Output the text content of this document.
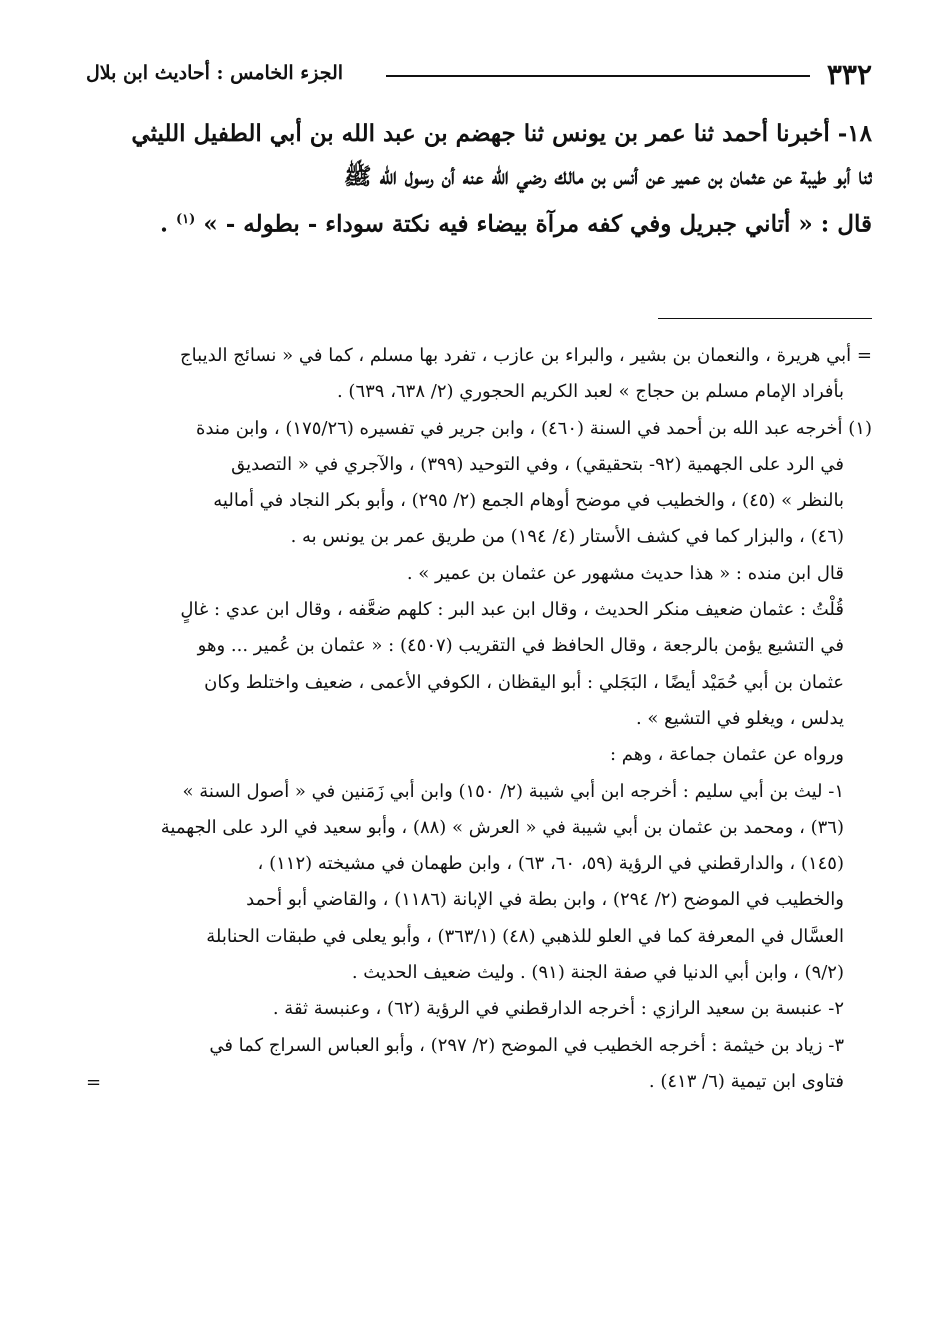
٣٣٢
الجزء الخامس : أحاديث ابن بلال
١٨- أخبرنا أحمد ثنا عمر بن يونس ثنا جهضم بن عبد الله بن أبي الطفيل الليثي
ثنا أبو طيبة عن عثمان بن عمير عن أنس بن مالك رضي الله عنه أن رسول الله ﷺ
قال : « أتاني جبريل وفي كفه مرآة بيضاء فيه نكتة سوداء - بطوله - » $^{(١)}$ .
= أبي هريرة ، والنعمان بن بشير ، والبراء بن عازب ، تفرد بها مسلم ، كما في « نسائج الديباج
بأفراد الإمام مسلم بن حجاج » لعبد الكريم الحجوري (٢/ ٦٣٨، ٦٣٩) .
(١) أخرجه عبد الله بن أحمد في السنة (٤٦٠) ، وابن جرير في تفسيره (١٧٥/٢٦) ، وابن مندة
في الرد على الجهمية (٩٢- بتحقيقي) ، وفي التوحيد (٣٩٩) ، والآجري في « التصديق
بالنظر » (٤٥) ، والخطيب في موضح أوهام الجمع (٢/ ٢٩٥) ، وأبو بكر النجاد في أماليه
(٤٦) ، والبزار كما في كشف الأستار (٤/ ١٩٤) من طريق عمر بن يونس به .
قال ابن منده : « هذا حديث مشهور عن عثمان بن عمير » .
قُلْتُ : عثمان ضعيف منكر الحديث ، وقال ابن عبد البر : كلهم ضعَّفه ، وقال ابن عدي : غالٍ
في التشيع يؤمن بالرجعة ، وقال الحافظ في التقريب (٤٥٠٧) : « عثمان بن عُمير ... وهو
عثمان بن أبي حُمَيْد أيضًا ، البَجَلي : أبو اليقظان ، الكوفي الأعمى ، ضعيف واختلط وكان
يدلس ، ويغلو في التشيع » .
ورواه عن عثمان جماعة ، وهم :
١- ليث بن أبي سليم : أخرجه ابن أبي شيبة (٢/ ١٥٠) وابن أبي زَمَنين في « أصول السنة »
(٣٦) ، ومحمد بن عثمان بن أبي شيبة في « العرش » (٨٨) ، وأبو سعيد في الرد على الجهمية
(١٤٥) ، والدارقطني في الرؤية (٥٩، ٦٠، ٦٣) ، وابن طهمان في مشيخته (١١٢) ،
والخطيب في الموضح (٢/ ٢٩٤) ، وابن بطة في الإبانة (١١٨٦) ، والقاضي أبو أحمد
العسَّال في المعرفة كما في العلو للذهبي (٤٨) (٣٦٣/١) ، وأبو يعلى في طبقات الحنابلة
(٩/٢) ، وابن أبي الدنيا في صفة الجنة (٩١) . وليث ضعيف الحديث .
٢- عنبسة بن سعيد الرازي : أخرجه الدارقطني في الرؤية (٦٢) ، وعنبسة ثقة .
٣- زياد بن خيثمة : أخرجه الخطيب في الموضح (٢/ ٢٩٧) ، وأبو العباس السراج كما في
فتاوى ابن تيمية (٦/ ٤١٣) .
=
